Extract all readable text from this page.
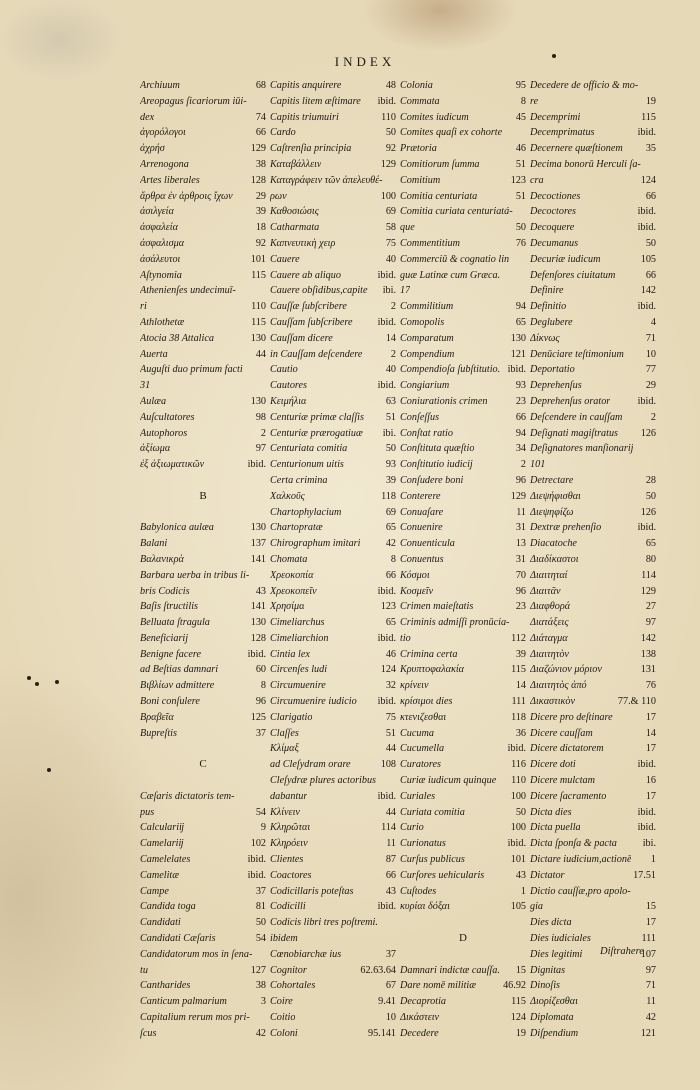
INDEX
Archiuum	68
Areopagus ſicariorum iūi-
dex	74
ἀγορόλογοι	66
ἀχρήσ	129
Arrenogona	38
Artes liberales	128
ἄρθρα ἐν ἀρθροις ἴχων 29
ἀσιλγεία	39
ἀσφαλεία	18
ἀσφαλισμα	92
ἀσάλευτοι	101
Aſtynomia	115
Athenienſes undecimuī-
ri	110
Athlothetæ	115
Atocia 38 Attalica	130
Auerta	44
Auguſti duo primum facti
31
Aulæa	130
Auſcultatores	98
Autophoros	2
ἀξίωμα	97
ἐξ ἀξιωματικῶν	ibid.
B
Babylonica aulæa	130
Balani	137
Βαλανικρὰ	141
Barbara uerba in tribus li-
bris Codicis	43
Baſis ſtructilis	141
Belluata ſtragula	130
Beneficiarij	128
Benigne facere	ibid.
ad Beſtias damnari	60
Βιβλίων admittere	8
Boni conſulere	96
Βραβεῖα	125
Bupreſtis	37
C
Cæſaris dictatoris tem-
pus	54
Calculariĳ	9
Camelariĳ	102
Camelelates	ibid.
Camelitæ	ibid.
Campe	37
Candida toga	81
Candidati	50
Candidati Cæſaris	54
Candidatorum mos in ſena-
tu	127
Cantharides	38
Canticum palmarium	3
Capitalium rerum mos pri-
ſcus	42
Capitis anquirere	48
Capitis litem æſtimare ibid.
Capitis triumuiri	110
Cardo	50
Caſtrenſia principia	92
Καταβάλλειν	129
Καταγράφειν τῶν ἀπελευθέ-
ρων	100
Καθοσιώσις	69
Catharmata	58
Καπνευτικὴ χειρ	75
Cauere	40
Cauere ab aliquo	ibid.
Cauere obſidibus,capite ibi.
Cauſſæ ſubſcribere	2
Cauſſam ſubſcribere ibid.
Cauſſam dicere	14
in Cauſſam deſcendere	2
Cautio	40
Cautores	ibid.
Κειμήλια	63
Centuriæ primæ claſſis 51
Centuriæ prærogatiuæ ibi.
Centuriata comitia	50
Centurionum uitis	93
Certa crimina	39
Χαλκοῦς	118
Chartophylacium	69
Chartopratæ	65
Chirographum imitari 42
Chomata	8
Χρεοκοπία	66
Χρεοκοπεῖν	ibid.
Χρησίμα	123
Cimeliarchus	65
Cimeliarchion	ibid.
Cintia lex	46
Circenſes ludi	124
Circumuenire	32
Circumuenire iudicio ibid.
Clarigatio	75
Claſſes	51
Κλίμαξ	44
ad Cleſydram orare	108
Cleſydræ plures actoribus
dabantur	ibid.
Κλίνειν	44
Κληρῶται	114
Κληρόειν	11
Clientes	87
Coactores	66
Codicillaris poteſtas	43
Codicilli	ibid.
Codicis libri tres poſtremi.
ibidem
Cœnobiarchæ ius	37
Cognitor	62.63.64
Cohortales	67
Coire	9.41
Coitio	10
Coloni	95.141
Colonia	95
Commata	8
Comites iudicum	45
Comites quaſi ex cohorte
Prætoria	46
Comitiorum ſumma	51
Comitium	123
Comitia centuriata	51
Comitia curiata centuriatá-
que	50
Commentitium	76
Commerciū & cognatio lin
guæ Latinæ cum Græca.
17
Commilitium	94
Comopolis	65
Comparatum	130
Compendium	121
Compendioſa ſubſtitutio. ibid.
Congiarium	93
Coniurationis crimen	23
Conſeſſus	66
Conſtat ratio	94
Conſtituta quæſtio	34
Conſtitutio iudicij	2
Conſudere boni	96
Conterere	129
Conuaſare	11
Conuenire	31
Conuenticula	13
Conuentus	31
Κόσμοι	70
Κοσμεῖν	96
Crimen maieſtatis	23
Criminis admiſſi pronūcia-
tio	112
Crimina certa	39
Κρυπτοφαλακία	115
κρίνειν	14
κρίσιμοι dies	111
κτενιζεσθαι	118
Cucuma	36
Cucumella	ibid.
Curatores	116
Curiæ iudicum quinque 110
Curiales	100
Curiata comitia	50
Curio	100
Curionatus	ibid.
Curſus publicus	101
Curſores uehicularis	43
Cuſtodes	1
κυρίαι δόξαι	105
D
Damnari indictæ cauſſa. 15
Dare nomē militiæ	46.92
Decaprotia	115
Δικάστειν	124
Decedere	19
Decedere de officio & mo-
re	19
Decemprimi	115
Decemprimatus	ibid.
Decernere quæſtionem 35
Decima bonorū Herculi ſa-
cra	124
Decoctiones	66
Decoctores	ibid.
Decoquere	ibid.
Decumanus	50
Decuriæ iudicum	105
Defenſores ciuitatum	66
Definire	142
Definitio	ibid.
Deglubere	4
Δίκνως	71
Denūciare teſtimonium 10
Deportatio	77
Deprehenſus	29
Deprehenſus orator	ibid.
Deſcendere in cauſſam	2
Deſignati magiſtratus 126
Deſignatores manſionarij
101
Detrectare	28
Διεψήφισθαι	50
Διεψηφίζω	126
Dextræ prehenſio	ibid.
Diacatoche	65
Διαδίκαστοι	80
Διαιτηταί	114
Διαιτᾶν	129
Διαφθορά	27
Διατάξεις	97
Διάταγμα	142
Διαιτητὸν	138
Διαζώνιον μόριον	131
Διαιτητὸς ἀπό	76
Δικαστικὸν	77.& 110
Dicere pro deſtinare	17
Dicere cauſſam	14
Dicere dictatorem	17
Dicere doti	ibid.
Dicere mulctam	16
Dicere ſacramento	17
Dicta dies	ibid.
Dicta puella	ibid.
Dicta ſponſa & pacta	ibi.
Dictare iudicium,actionē 1
Dictator	17.51
Dictio cauſſæ,pro apolo-
gia	15
Dies dicta	17
Dies iudiciales	111
Dies legitimi	107
Dignitas	97
Dinoſis	71
Διορίζεσθαι	11
Diplomata	42
Diſpendium	121
Diſtrahere
